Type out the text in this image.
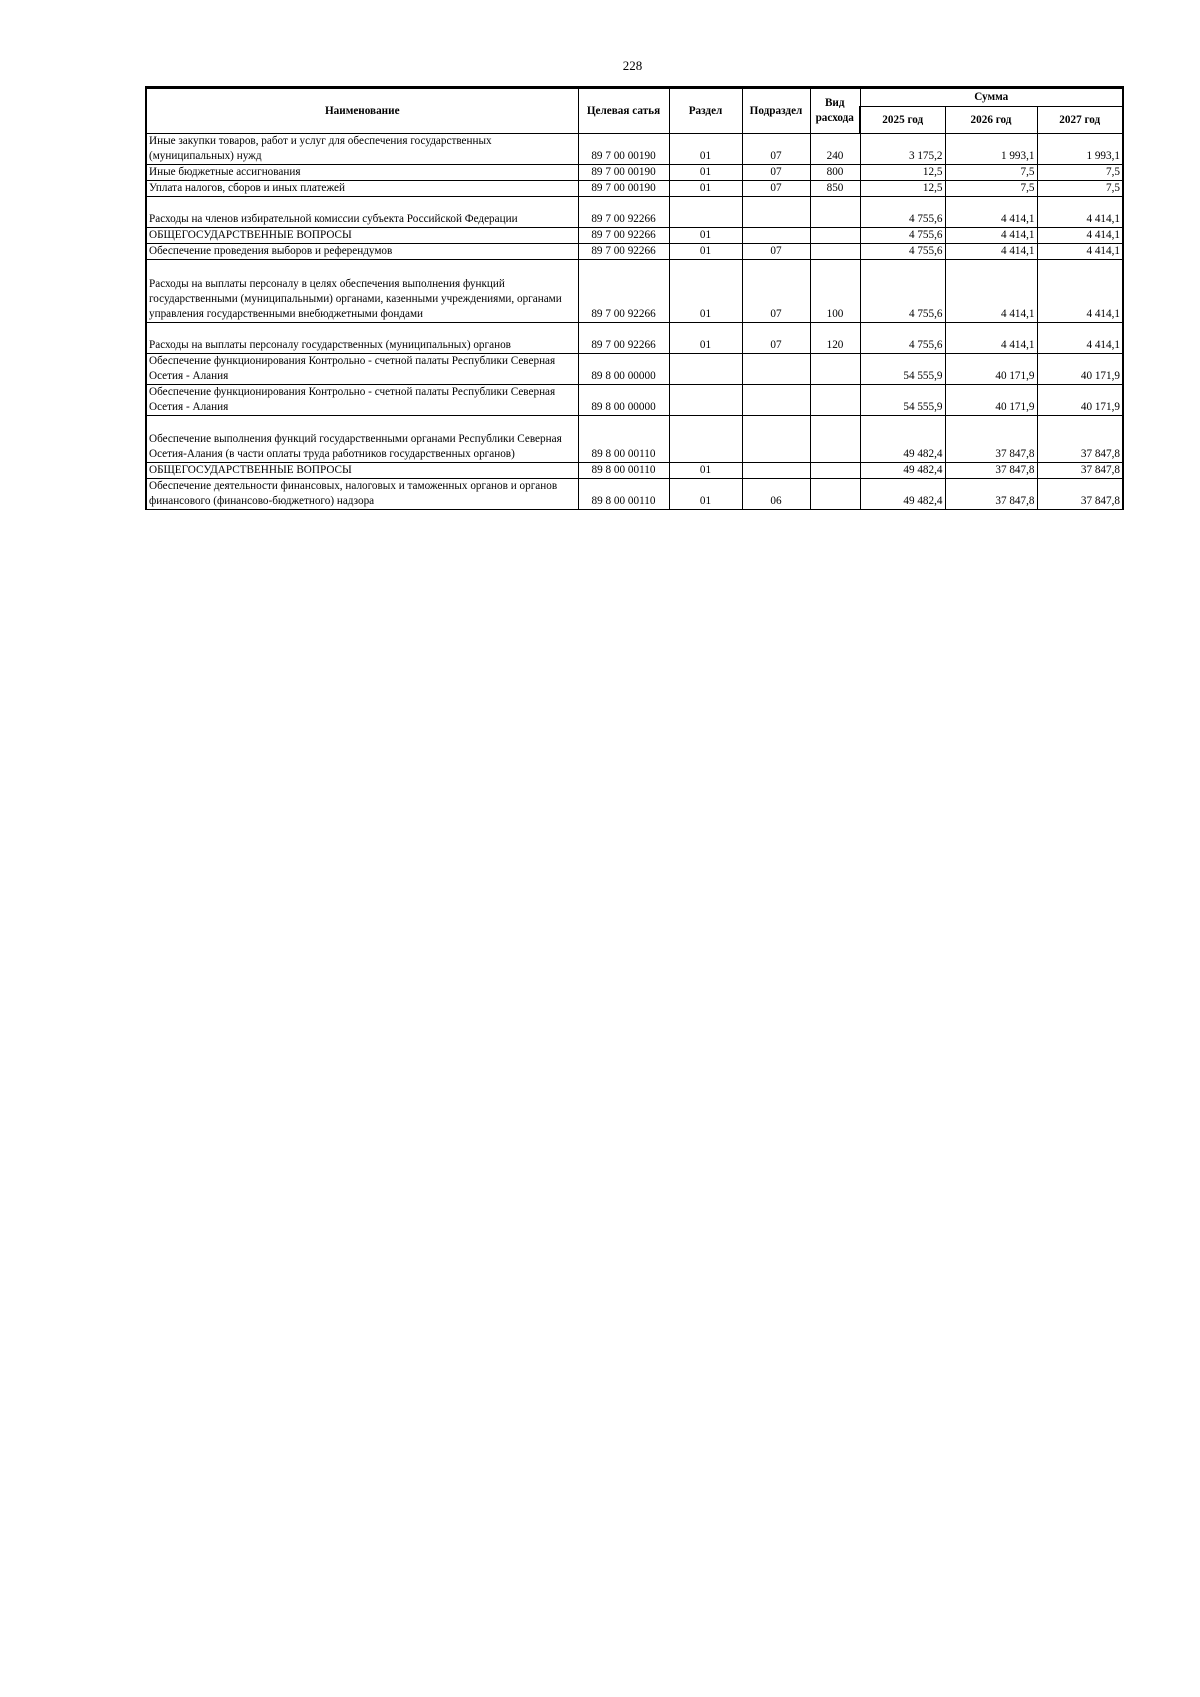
228
Наименование	Целевая сатья	Раздел	Подраздел	Вид расхода	Сумма		
					2025 год	2026 год	2027 год
Иные закупки товаров, работ и услуг для обеспечения государственных (муниципальных) нужд	89 7 00 00190	01	07	240	3 175,2	1 993,1	1 993,1
Иные бюджетные ассигнования	89 7 00 00190	01	07	800	12,5	7,5	7,5
Уплата налогов, сборов и иных платежей	89 7 00 00190	01	07	850	12,5	7,5	7,5
Расходы на членов избирательной комиссии субъекта Российской Федерации	89 7 00 92266				4 755,6	4 414,1	4 414,1
ОБЩЕГОСУДАРСТВЕННЫЕ ВОПРОСЫ	89 7 00 92266	01			4 755,6	4 414,1	4 414,1
Обеспечение проведения выборов и референдумов	89 7 00 92266	01	07		4 755,6	4 414,1	4 414,1
Расходы на выплаты персоналу в целях обеспечения выполнения функций государственными (муниципальными) органами, казенными учреждениями, органами управления государственными внебюджетными фондами	89 7 00 92266	01	07	100	4 755,6	4 414,1	4 414,1
Расходы на выплаты персоналу государственных (муниципальных) органов	89 7 00 92266	01	07	120	4 755,6	4 414,1	4 414,1
Обеспечение функционирования Контрольно - счетной палаты Республики Северная Осетия - Алания	89 8 00 00000				54 555,9	40 171,9	40 171,9
Обеспечение функционирования Контрольно - счетной палаты Республики Северная Осетия - Алания	89 8 00 00000				54 555,9	40 171,9	40 171,9
Обеспечение выполнения функций государственными органами Республики Северная Осетия-Алания (в части оплаты труда работников государственных органов)	89 8 00 00110				49 482,4	37 847,8	37 847,8
ОБЩЕГОСУДАРСТВЕННЫЕ ВОПРОСЫ	89 8 00 00110	01			49 482,4	37 847,8	37 847,8
Обеспечение деятельности финансовых, налоговых и таможенных органов и органов финансового (финансово-бюджетного) надзора	89 8 00 00110	01	06		49 482,4	37 847,8	37 847,8
